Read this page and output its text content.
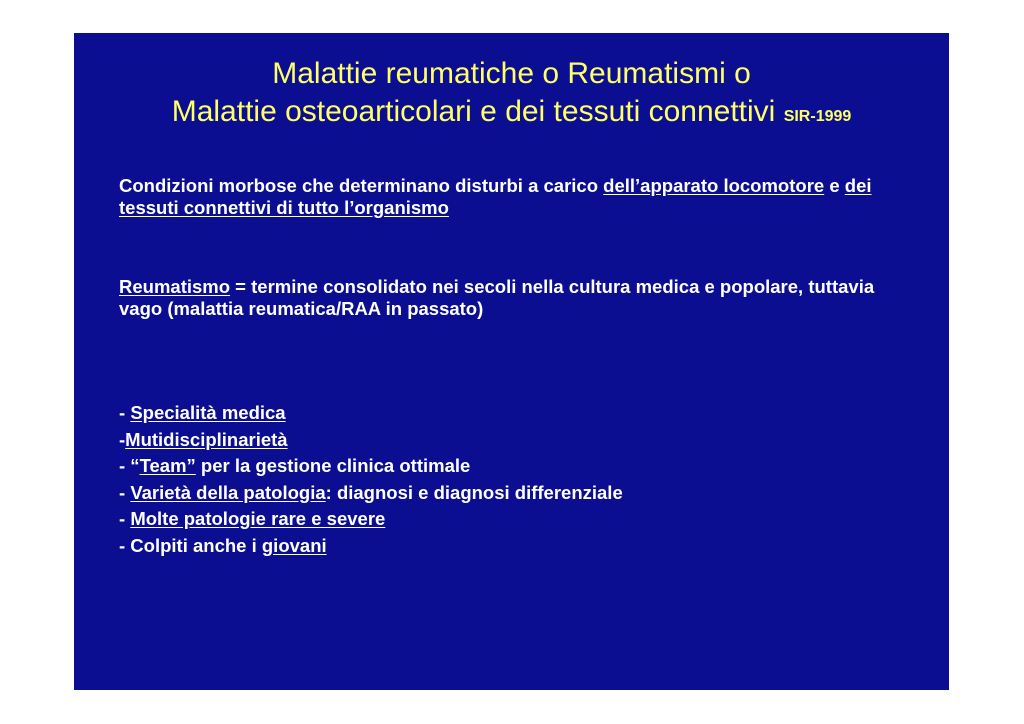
Malattie reumatiche o Reumatismi o
Malattie osteoarticolari e dei tessuti connettivi SIR-1999
Condizioni morbose che determinano disturbi a carico dell’apparato locomotore e dei tessuti connettivi di tutto l’organismo
Reumatismo = termine consolidato nei secoli nella cultura medica e popolare, tuttavia vago (malattia reumatica/RAA in passato)
- Specialità medica
-Mutidisciplinarietà
- “Team” per la gestione clinica ottimale
- Varietà della patologia: diagnosi e diagnosi differenziale
- Molte patologie rare e severe
- Colpiti anche i giovani
